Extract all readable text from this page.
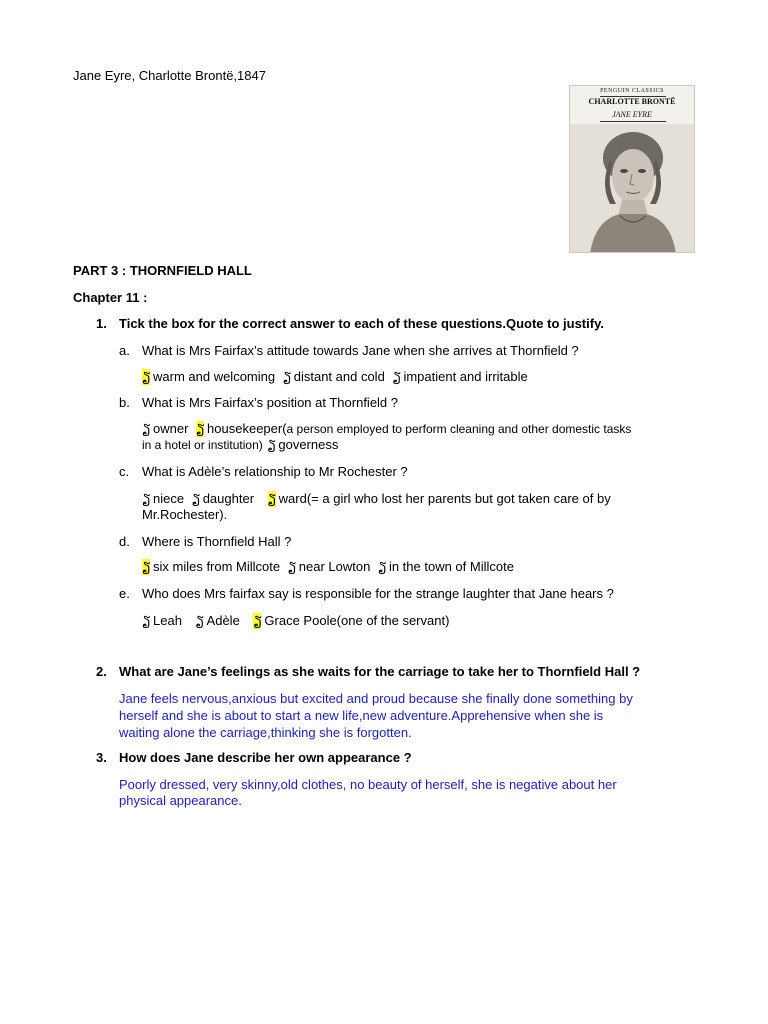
Jane Eyre, Charlotte Brontë,1847
PENGUIN CLASSICS
CHARLOTTE BRONTË
JANE EYRE
PART 3 : THORNFIELD HALL
Chapter 11 :
1. Tick the box for the correct answer to each of these questions.Quote to justify.
a. What is Mrs Fairfax’s attitude towards Jane when she arrives at Thornfield ?
ຽ warm and welcoming ຽ distant and cold ຽ impatient and irritable
b. What is Mrs Fairfax’s position at Thornfield ?
ຽ owner ຽ housekeeper(a person employed to perform cleaning and other domestic tasks
in a hotel or institution) ຽ governess
c. What is Adèle’s relationship to Mr Rochester ?
ຽ niece ຽ daughter ຽ ward(= a girl who lost her parents but got taken care of by
Mr.Rochester).
d. Where is Thornfield Hall ?
ຽ six miles from Millcote ຽ near Lowton ຽ in the town of Millcote
e. Who does Mrs fairfax say is responsible for the strange laughter that Jane hears ?
ຽ Leah ຽ Adèle ຽ Grace Poole(one of the servant)
2. What are Jane’s feelings as she waits for the carriage to take her to Thornfield Hall ?
Jane feels nervous,anxious but excited and proud because she finally done something by
herself and she is about to start a new life,new adventure.Apprehensive when she is
waiting alone the carriage,thinking she is forgotten.
3. How does Jane describe her own appearance ?
Poorly dressed, very skinny,old clothes, no beauty of herself, she is negative about her
physical appearance.
